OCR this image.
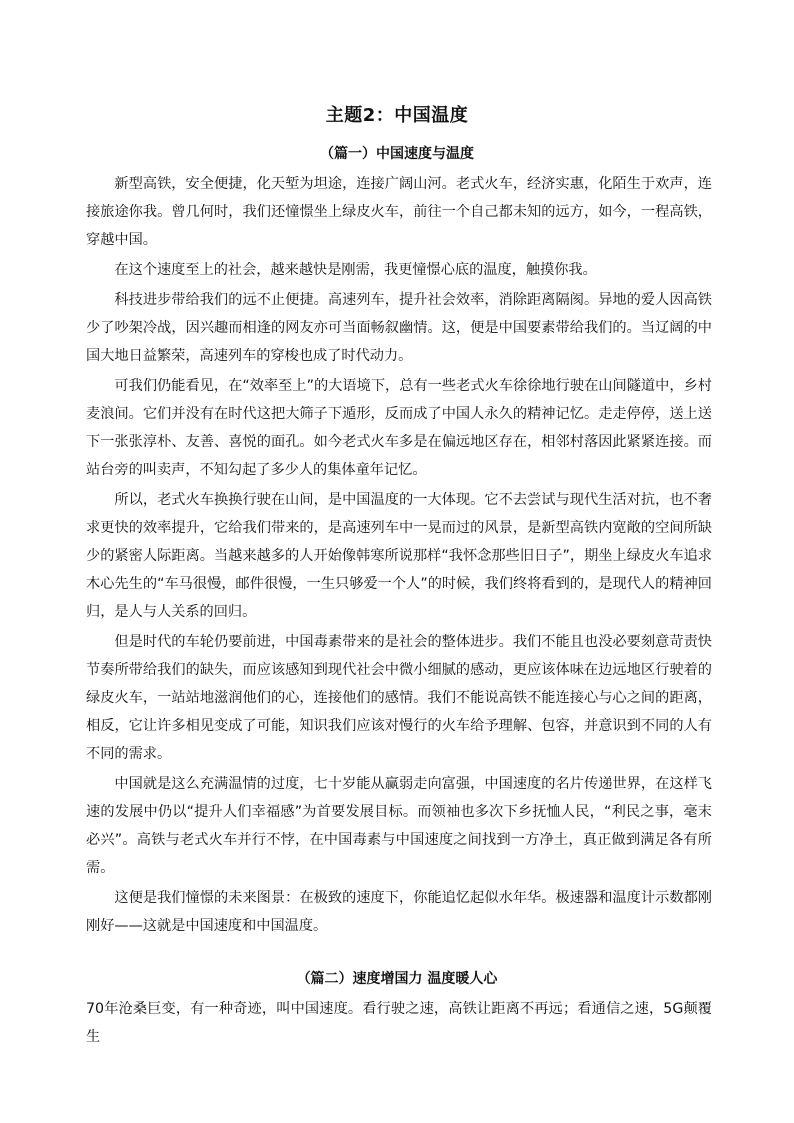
主题2：中国温度
（篇一）中国速度与温度

新型高铁，安全便捷，化天堑为坦途，连接广阔山河。老式火车，经济实惠，化陌生于欢声，连接旅途你我。曾几何时，我们还憧憬坐上绿皮火车，前往一个自己都未知的远方，如今，一程高铁，穿越中国。

在这个速度至上的社会，越来越快是刚需，我更憧憬心底的温度，触摸你我。

科技进步带给我们的远不止便捷。高速列车，提升社会效率，消除距离隔阂。异地的爱人因高铁少了吵架冷战，因兴趣而相逢的网友亦可当面畅叙幽情。这，便是中国要素带给我们的。当辽阔的中国大地日益繁荣，高速列车的穿梭也成了时代动力。

可我们仍能看见，在“效率至上”的大语境下，总有一些老式火车徐徐地行驶在山间隧道中，乡村麦浪间。它们并没有在时代这把大筛子下遁形，反而成了中国人永久的精神记忆。走走停停，送上送下一张张淳朴、友善、喜悦的面孔。如今老式火车多是在偏远地区存在，相邻村落因此紧紧连接。而站台旁的叫卖声，不知勾起了多少人的集体童年记忆。

所以，老式火车换换行驶在山间，是中国温度的一大体现。它不去尝试与现代生活对抗，也不奢求更快的效率提升，它给我们带来的，是高速列车中一晃而过的风景，是新型高铁内宽敞的空间所缺少的紧密人际距离。当越来越多的人开始像韩寒所说那样“我怀念那些旧日子”，期坐上绿皮火车追求木心先生的“车马很慢，邮件很慢，一生只够爱一个人”的时候，我们终将看到的，是现代人的精神回归，是人与人关系的回归。

但是时代的车轮仍要前进，中国毒素带来的是社会的整体进步。我们不能且也没必要刻意苛责快节奏所带给我们的缺失，而应该感知到现代社会中微小细腻的感动，更应该体味在边远地区行驶着的绿皮火车，一站站地滋润他们的心，连接他们的感情。我们不能说高铁不能连接心与心之间的距离，相反，它让许多相见变成了可能，知识我们应该对慢行的火车给予理解、包容，并意识到不同的人有不同的需求。

中国就是这么充满温情的过度，七十岁能从赢弱走向富强，中国速度的名片传递世界，在这样飞速的发展中仍以“提升人们幸福感”为首要发展目标。而领袖也多次下乡抚恤人民，“利民之事，毫末必兴”。高铁与老式火车并行不悖，在中国毒素与中国速度之间找到一方净土，真正做到满足各有所需。

这便是我们憧憬的未来图景：在极致的速度下，你能追忆起似水年华。极速器和温度计示数都刚刚好——这就是中国速度和中国温度。

（篇二）速度增国力 温度暖人心

70年沧桑巨变，有一种奇迹，叫中国速度。看行驶之速，高铁让距离不再远；看通信之速，5G颠覆生
